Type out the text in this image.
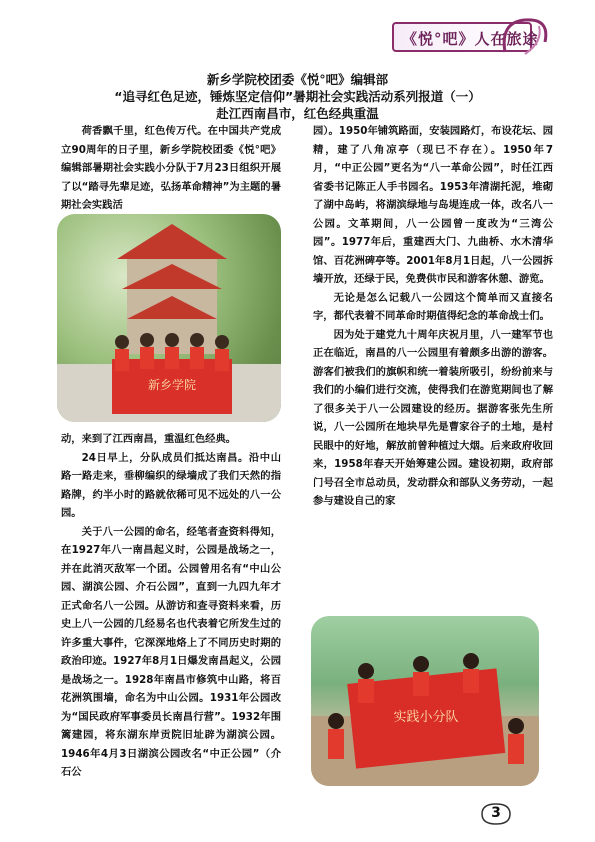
《悦°吧》人在旅途
新乡学院校团委《悦°吧》编辑部
“追寻红色足迹，锤炼坚定信仰”暑期社会实践活动系列报道（一）
赴江西南昌市，红色经典重温

荷香飘千里，红色传万代。在中国共产党成立90周年的日子里，新乡学院校团委《悦°吧》编辑部暑期社会实践小分队于7月23日组织开展了以“踏寻先辈足迹，弘扬革命精神”为主题的暑期社会实践活

新乡学院

动，来到了江西南昌，重温红色经典。

24日早上，分队成员们抵达南昌。沿中山路一路走来，垂柳编织的绿墙成了我们天然的指路牌，约半小时的路就依稀可见不远处的八一公园。

关于八一公园的命名，经笔者查资料得知，在1927年八一南昌起义时，公园是战场之一，并在此消灭敌军一个团。公园曾用名有“中山公园、湖滨公园、介石公园”，直到一九四九年才正式命名八一公园。从游访和查寻资料来看，历史上八一公园的几经易名也代表着它所发生过的许多重大事件，它深深地烙上了不同历史时期的政治印迹。1927年8月1日爆发南昌起义，公园是战场之一。1928年南昌市修筑中山路，将百花洲筑围墙，命名为中山公园。1931年公园改为“国民政府军事委员长南昌行营”。1932年围篱建园，将东湖东岸贡院旧址辟为湖滨公园。1946年4月3日湖滨公园改名“中正公园”（介石公

园）。1950年铺筑路面，安装园路灯，布设花坛、园精，建了八角凉亭（现已不存在）。1950年7月，“中正公园”更名为“八一革命公园”，时任江西省委书记陈正人手书园名。1953年清湖托泥，堆砌了湖中岛屿，将湖滨绿地与岛堤连成一体，改名八一公园。文革期间，八一公园曾一度改为“三湾公园”。1977年后，重建西大门、九曲桥、水木清华馆、百花洲碑亭等。2001年8月1日起，八一公园拆墙开放，还绿于民，免费供市民和游客休憩、游览。

无论是怎么记载八一公园这个简单而又直接名字，都代表着不同革命时期值得纪念的革命战士们。

因为处于建党九十周年庆祝月里，八一建军节也正在临近，南昌的八一公园里有着颇多出游的游客。游客们被我们的旗帜和统一着装所吸引，纷纷前来与我们的小编们进行交流，使得我们在游览期间也了解了很多关于八一公园建设的经历。据游客张先生所说，八一公园所在地块早先是曹家谷子的土地，是村民眼中的好地，解放前曾种植过大烟。后来政府收回来，1958年春天开始筹建公园。建设初期，政府部门号召全市总动员，发动群众和部队义务劳动，一起参与建设自己的家

实践小分队
3
